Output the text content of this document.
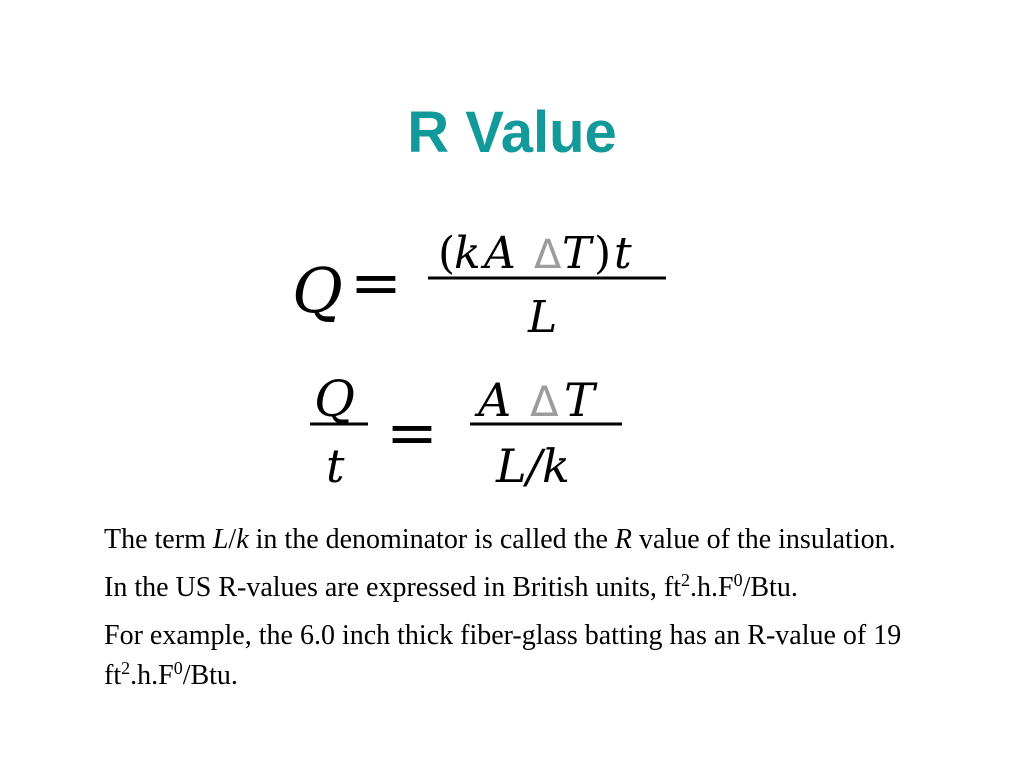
R Value
Q = (
k A Δ T ) t
L
Q
t = A Δ T
L/k

The term L/k in the denominator is called the R value of the insulation.

In the US R-values are expressed in British units, $ft^2.h.F^0$/Btu.

For example, the 6.0 inch thick fiber-glass batting has an R-value of 19 $ft^2.h.F^0$/Btu.
